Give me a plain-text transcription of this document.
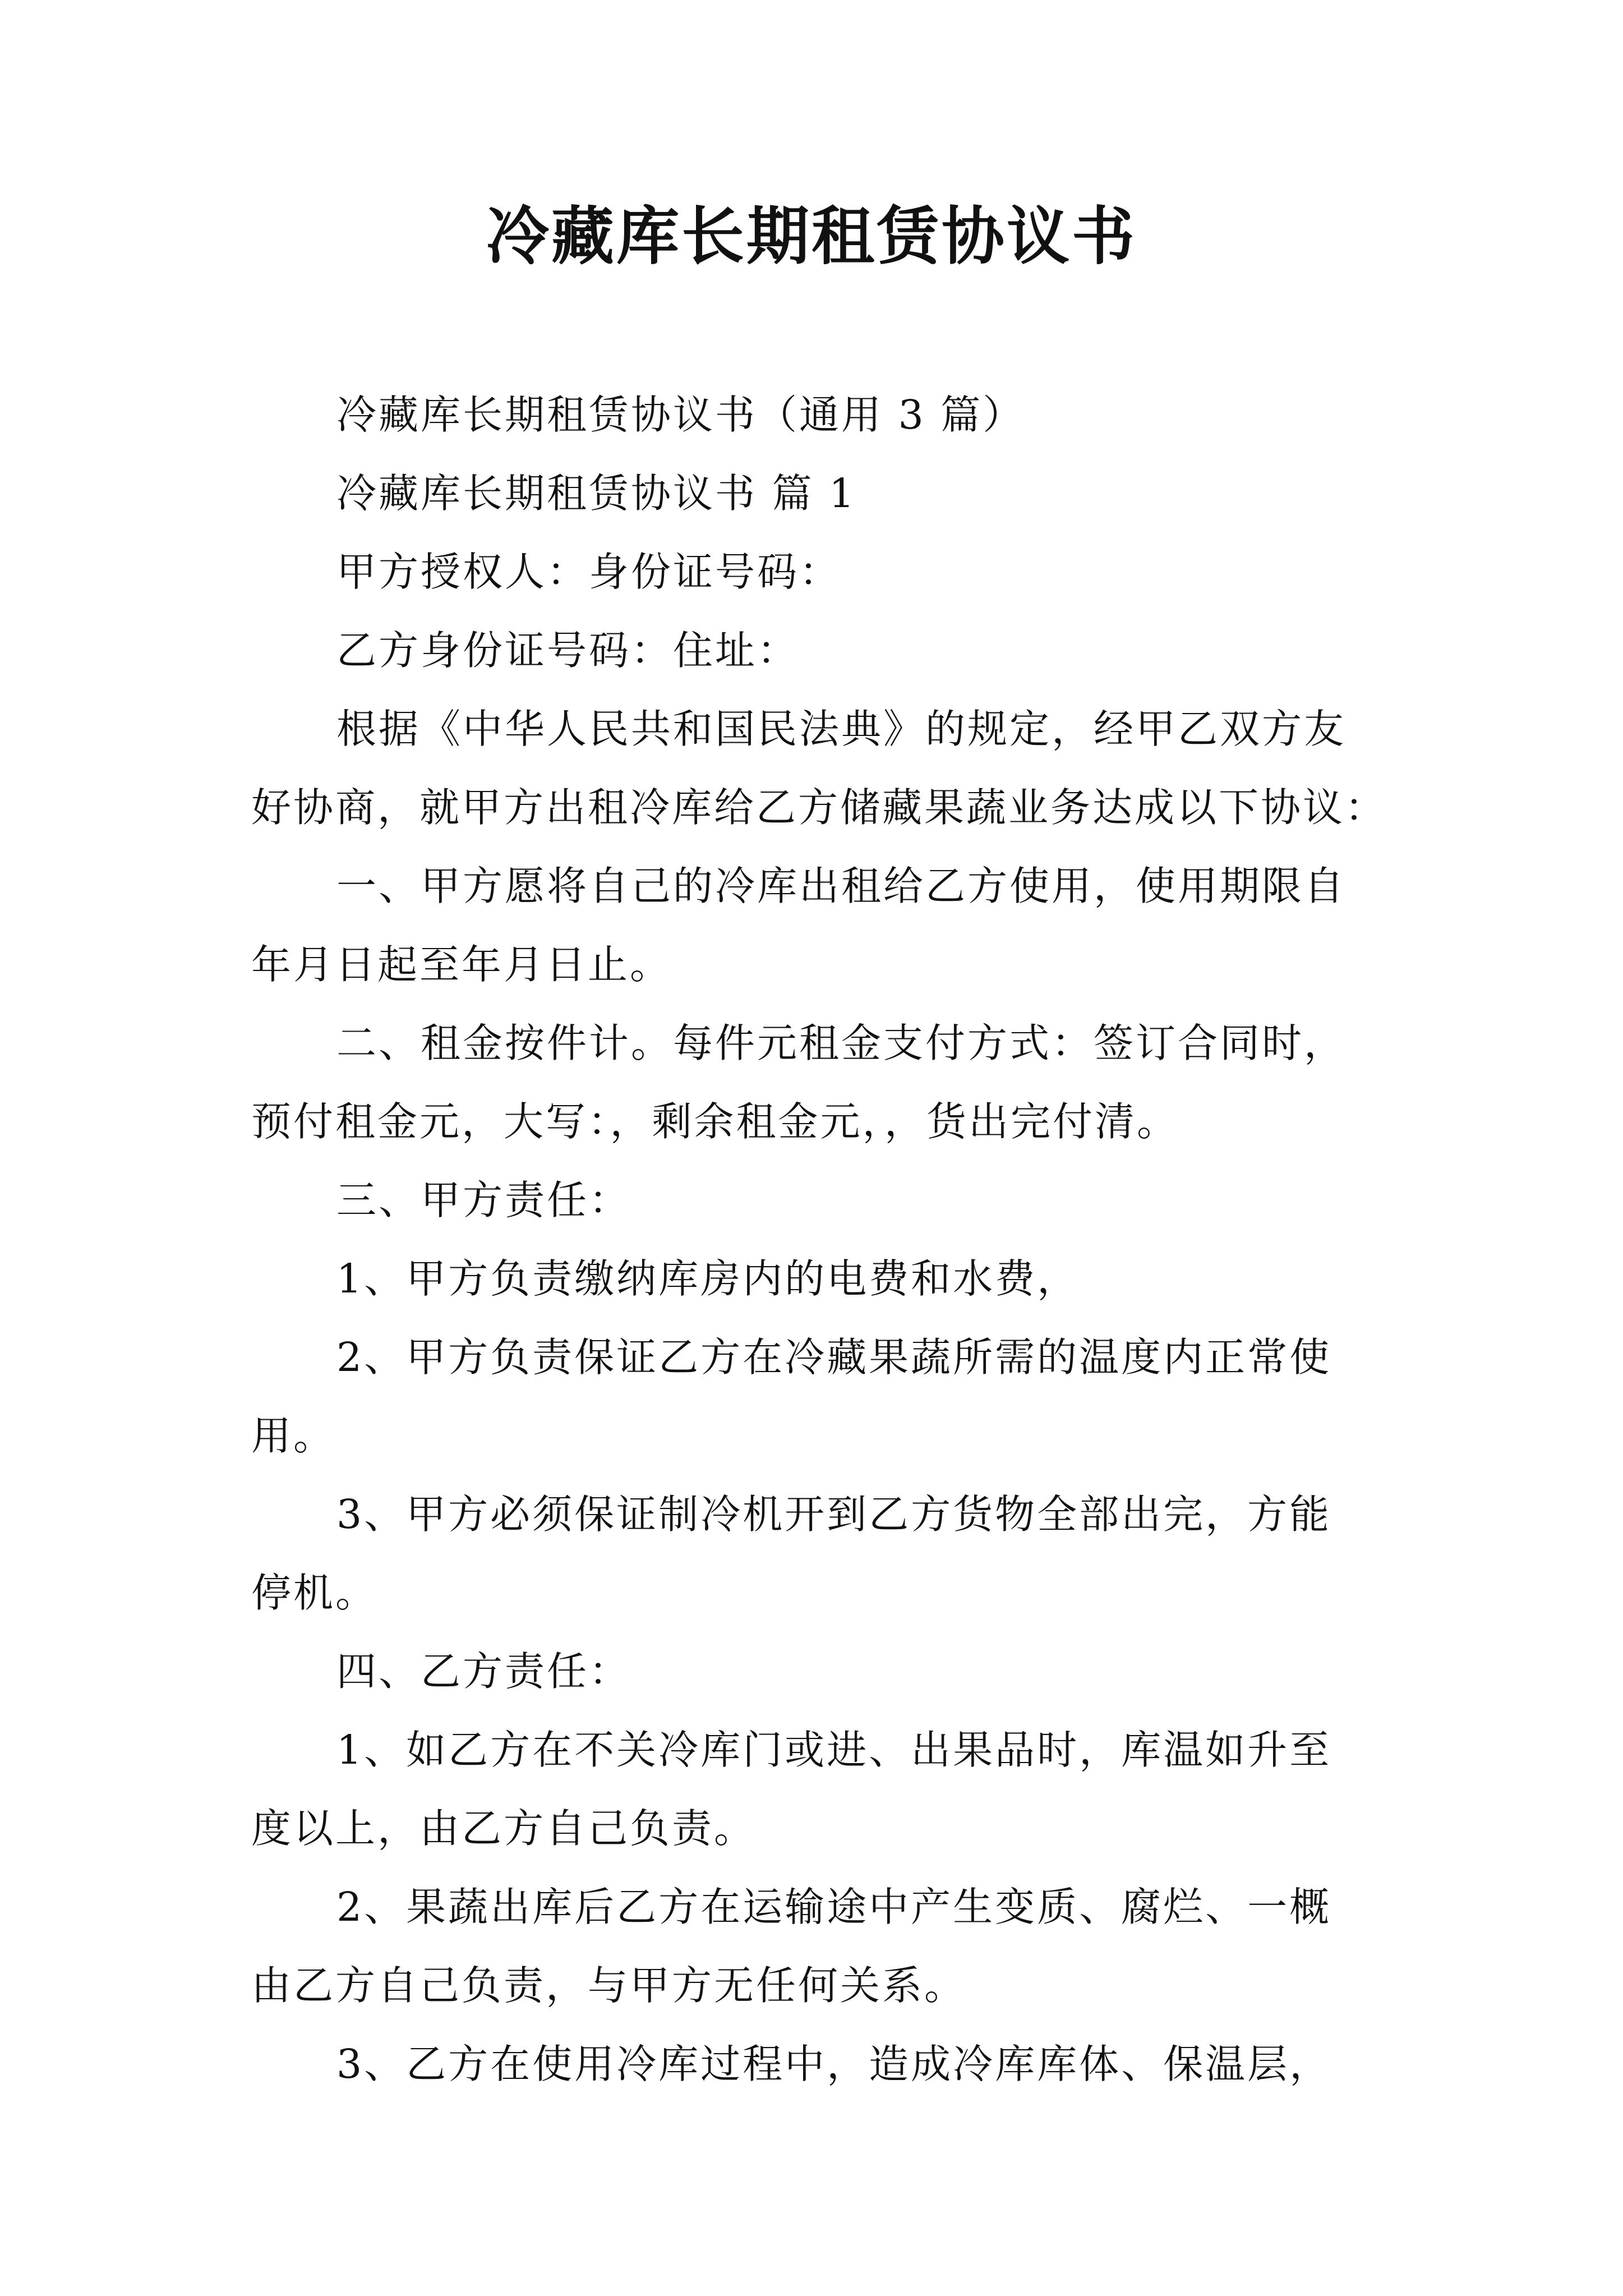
冷藏库长期租赁协议书

冷藏库长期租赁协议书（通用 3 篇）

冷藏库长期租赁协议书 篇 1

甲方授权人：身份证号码：

乙方身份证号码：住址：

根据《中华人民共和国民法典》的规定，经甲乙双方友
好协商，就甲方出租冷库给乙方储藏果蔬业务达成以下协议：

一、甲方愿将自己的冷库出租给乙方使用，使用期限自
年月日起至年月日止。

二、租金按件计。每件元租金支付方式：签订合同时，
预付租金元，大写：，剩余租金元，，货出完付清。

三、甲方责任：

1、甲方负责缴纳库房内的电费和水费，

2、甲方负责保证乙方在冷藏果蔬所需的温度内正常使
用。

3、甲方必须保证制冷机开到乙方货物全部出完，方能
停机。

四、乙方责任：

1、如乙方在不关冷库门或进、出果品时，库温如升至
度以上，由乙方自己负责。

2、果蔬出库后乙方在运输途中产生变质、腐烂、一概
由乙方自己负责，与甲方无任何关系。

3、乙方在使用冷库过程中，造成冷库库体、保温层，
